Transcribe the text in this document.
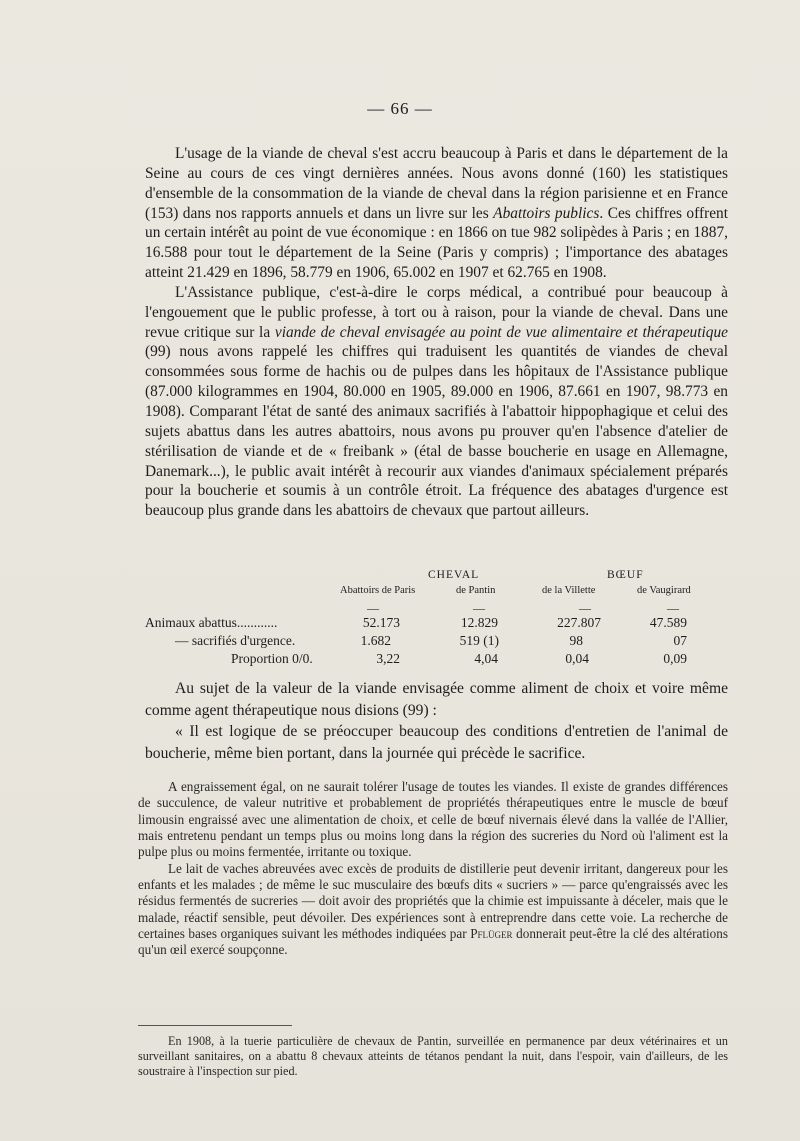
— 66 —

L'usage de la viande de cheval s'est accru beaucoup à Paris et dans le département de la Seine au cours de ces vingt dernières années. Nous avons donné (160) les statistiques d'ensemble de la consommation de la viande de cheval dans la région parisienne et en France (153) dans nos rapports annuels et dans un livre sur les Abattoirs publics. Ces chiffres offrent un certain intérêt au point de vue économique : en 1866 on tue 982 solipèdes à Paris ; en 1887, 16.588 pour tout le département de la Seine (Paris y compris) ; l'importance des abatages atteint 21.429 en 1896, 58.779 en 1906, 65.002 en 1907 et 62.765 en 1908.

L'Assistance publique, c'est-à-dire le corps médical, a contribué pour beaucoup à l'engouement que le public professe, à tort ou à raison, pour la viande de cheval. Dans une revue critique sur la viande de cheval envisagée au point de vue alimentaire et thérapeutique (99) nous avons rappelé les chiffres qui traduisent les quantités de viandes de cheval consommées sous forme de hachis ou de pulpes dans les hôpitaux de l'Assistance publique (87.000 kilogrammes en 1904, 80.000 en 1905, 89.000 en 1906, 87.661 en 1907, 98.773 en 1908). Comparant l'état de santé des animaux sacrifiés à l'abattoir hippophagique et celui des sujets abattus dans les autres abattoirs, nous avons pu prouver qu'en l'absence d'atelier de stérilisation de viande et de « freibank » (étal de basse boucherie en usage en Allemagne, Danemark...), le public avait intérêt à recourir aux viandes d'animaux spécialement préparés pour la boucherie et soumis à un contrôle étroit. La fréquence des abatages d'urgence est beaucoup plus grande dans les abattoirs de chevaux que partout ailleurs.

CHEVAL	BŒUF
Abattoirs de Paris	de Pantin	de la Villette	de Vaugirard
—	—	—	—
Animaux abattus............	52.173	12.829	227.807	47.589
— sacrifiés d'urgence.	1.682	519 (1)	98	07
Proportion 0/0.	3,22	4,04	0,04	0,09

Au sujet de la valeur de la viande envisagée comme aliment de choix et voire même comme agent thérapeutique nous disions (99) :

« Il est logique de se préoccuper beaucoup des conditions d'entretien de l'animal de boucherie, même bien portant, dans la journée qui précède le sacrifice.

A engraissement égal, on ne saurait tolérer l'usage de toutes les viandes. Il existe de grandes différences de succulence, de valeur nutritive et probablement de propriétés thérapeutiques entre le muscle de bœuf limousin engraissé avec une alimentation de choix, et celle de bœuf nivernais élevé dans la vallée de l'Allier, mais entretenu pendant un temps plus ou moins long dans la région des sucreries du Nord où l'aliment est la pulpe plus ou moins fermentée, irritante ou toxique.

Le lait de vaches abreuvées avec excès de produits de distillerie peut devenir irritant, dangereux pour les enfants et les malades ; de même le suc musculaire des bœufs dits « sucriers » — parce qu'engraissés avec les résidus fermentés de sucreries — doit avoir des propriétés que la chimie est impuissante à déceler, mais que le malade, réactif sensible, peut dévoiler. Des expériences sont à entreprendre dans cette voie. La recherche de certaines bases organiques suivant les méthodes indiquées par Pflüger donnerait peut-être la clé des altérations qu'un œil exercé soupçonne.

En 1908, à la tuerie particulière de chevaux de Pantin, surveillée en permanence par deux vétérinaires et un surveillant sanitaires, on a abattu 8 chevaux atteints de tétanos pendant la nuit, dans l'espoir, vain d'ailleurs, de les soustraire à l'inspection sur pied.
